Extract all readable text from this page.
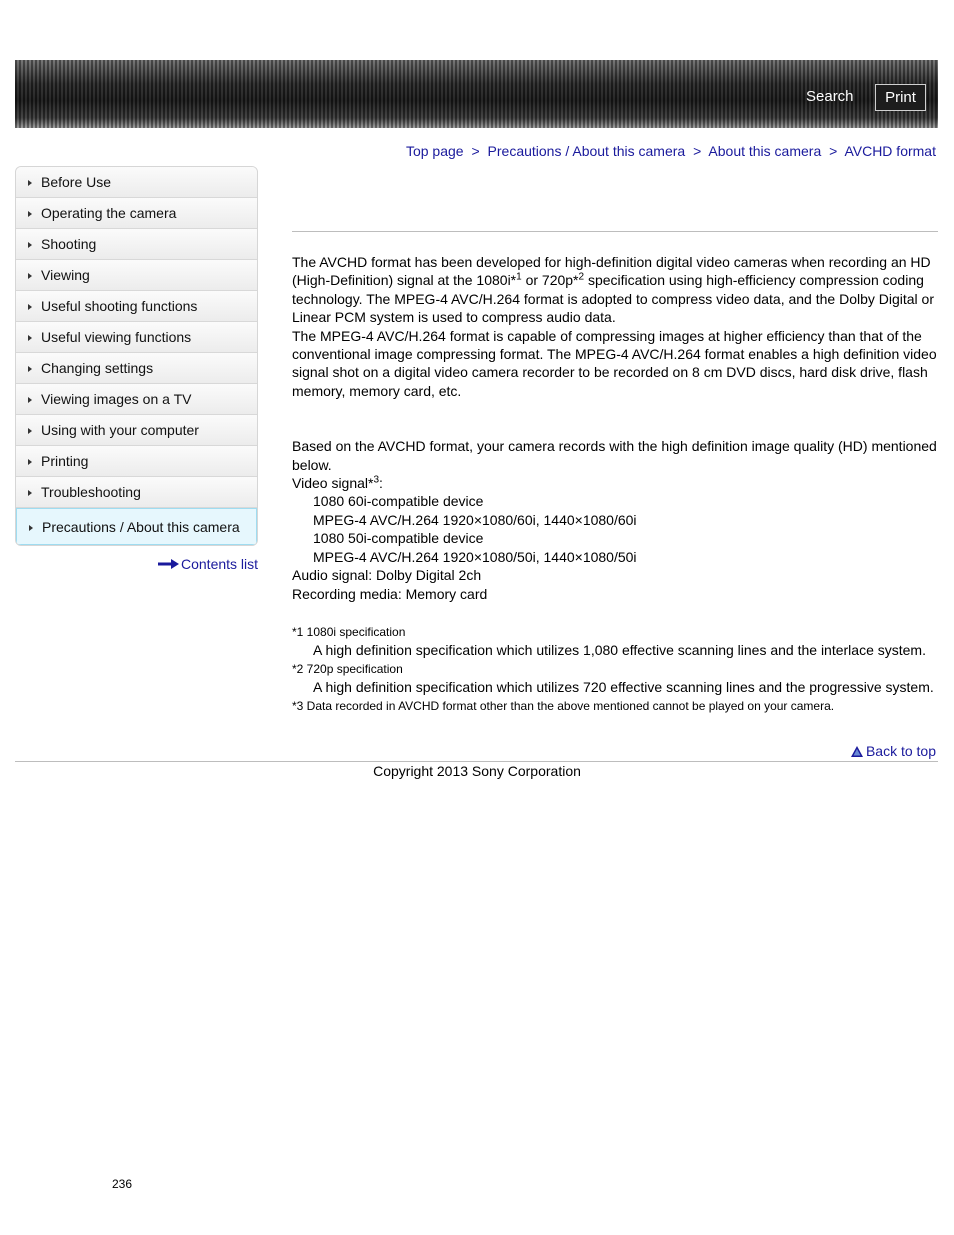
Search	Print
Top page > Precautions / About this camera > About this camera > AVCHD format
Before Use
Operating the camera
Shooting
Viewing
Useful shooting functions
Useful viewing functions
Changing settings
Viewing images on a TV
Using with your computer
Printing
Troubleshooting
Precautions / About this camera
Contents list

The AVCHD format has been developed for high-definition digital video cameras when recording an HD (High-Definition) signal at the 1080i*$^1$ or 720p*$^2$ specification using high-efficiency compression coding technology. The MPEG-4 AVC/H.264 format is adopted to compress video data, and the Dolby Digital or Linear PCM system is used to compress audio data.

The MPEG-4 AVC/H.264 format is capable of compressing images at higher efficiency than that of the conventional image compressing format. The MPEG-4 AVC/H.264 format enables a high definition video signal shot on a digital video camera recorder to be recorded on 8 cm DVD discs, hard disk drive, flash memory, memory card, etc.

Based on the AVCHD format, your camera records with the high definition image quality (HD) mentioned below.

Video signal*$^3$:

1080 60i-compatible device

MPEG-4 AVC/H.264 1920×1080/60i, 1440×1080/60i

1080 50i-compatible device

MPEG-4 AVC/H.264 1920×1080/50i, 1440×1080/50i

Audio signal: Dolby Digital 2ch

Recording media: Memory card

*1 1080i specification

A high definition specification which utilizes 1,080 effective scanning lines and the interlace system.

*2 720p specification

A high definition specification which utilizes 720 effective scanning lines and the progressive system.

*3 Data recorded in AVCHD format other than the above mentioned cannot be played on your camera.

Back to top
Copyright 2013 Sony Corporation
236
